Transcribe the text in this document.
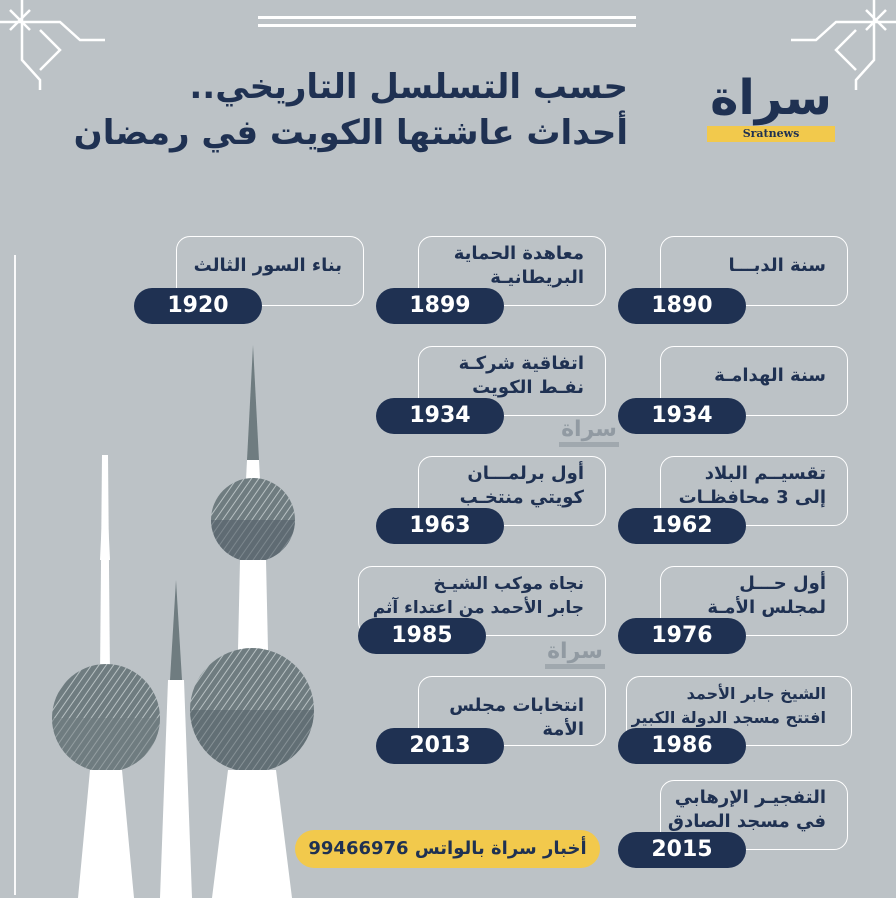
حسب التسلسل التاريخي..
أحداث عاشتها الكويت في رمضان
سراة
Sratnews
سنة الدبـــا
1890
معاهدة الحماية
البريطانيـة
1899
بناء السور الثالث
1920
سنة الهدامـة
1934
اتفاقية شركـة
نفـط الكويت
1934
تقسيــم البلاد
إلى 3 محافظـات
1962
أول برلمـــان
كويتي منتخـب
1963
أول حـــل
لمجلس الأمـة
1976
نجاة موكب الشيـخ
جابر الأحمد من اعتداء آثم
1985
الشيخ جابر الأحمد
افتتح مسجد الدولة الكبير
1986
انتخابات مجلس الأمة
2013
التفجيـر الإرهابي
في مسجد الصادق
2015
سراة
سراة
أخبار سراة بالواتس 99466976
